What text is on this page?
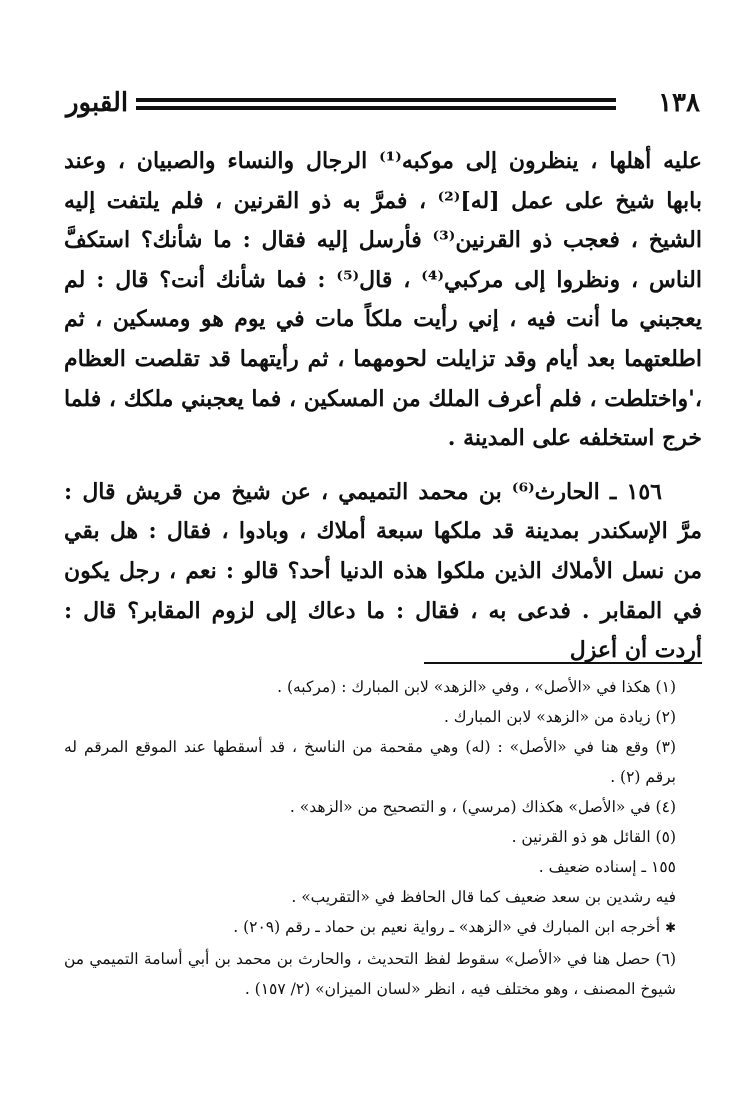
القبور	١٣٨

عليه أهلها ، ينظرون إلى موكبه⁽¹⁾ الرجال والنساء والصبيان ، وعند بابها شيخ على عمل [له]⁽²⁾ ، فمرَّ به ذو القرنين ، فلم يلتفت إليه الشيخ ، فعجب ذو القرنين⁽³⁾ فأرسل إليه فقال : ما شأنك؟ استكفَّ الناس ، ونظروا إلى مركبي⁽⁴⁾ ، قال⁽⁵⁾ : فما شأنك أنت؟ قال : لم يعجبني ما أنت فيه ، إني رأيت ملكاً مات في يوم هو ومسكين ، ثم اطلعتهما بعد أيام وقد تزايلت لحومهما ، ثم رأيتهما قد تقلصت العظام ،'واختلطت ، فلم أعرف الملك من المسكين ، فما يعجبني ملكك ، فلما خرج استخلفه على المدينة .

١٥٦ ـ الحارث⁽⁶⁾ بن محمد التميمي ، عن شيخ من قريش قال : مرَّ الإسكندر بمدينة قد ملكها سبعة أملاك ، وبادوا ، فقال : هل بقي من نسل الأملاك الذين ملكوا هذه الدنيا أحد؟ قالو : نعم ، رجل يكون في المقابر . فدعى به ، فقال : ما دعاك إلى لزوم المقابر؟ قال : أردت أن أعزل

(١) هكذا في «الأصل» ، وفي «الزهد» لابن المبارك : (مركبه) .

(٢) زيادة من «الزهد» لابن المبارك .

(٣) وقع هنا في «الأصل» : (له) وهي مقحمة من الناسخ ، قد أسقطها عند الموقع المرقم له برقم (٢) .

(٤) في «الأصل» هكذاك (مرسي) ، و التصحيح من «الزهد» .

(٥) القائل هو ذو القرنين .

١٥٥ ـ إسناده ضعيف .

فيه رشدين بن سعد ضعيف كما قال الحافظ في «التقريب» .

✱ أخرجه ابن المبارك في «الزهد» ـ رواية نعيم بن حماد ـ رقم (٢٠٩) .

(٦) حصل هنا في «الأصل» سقوط لفظ التحديث ، والحارث بن محمد بن أبي أسامة التميمي من شيوخ المصنف ، وهو مختلف فيه ، انظر «لسان الميزان» (٢/ ١٥٧) .
